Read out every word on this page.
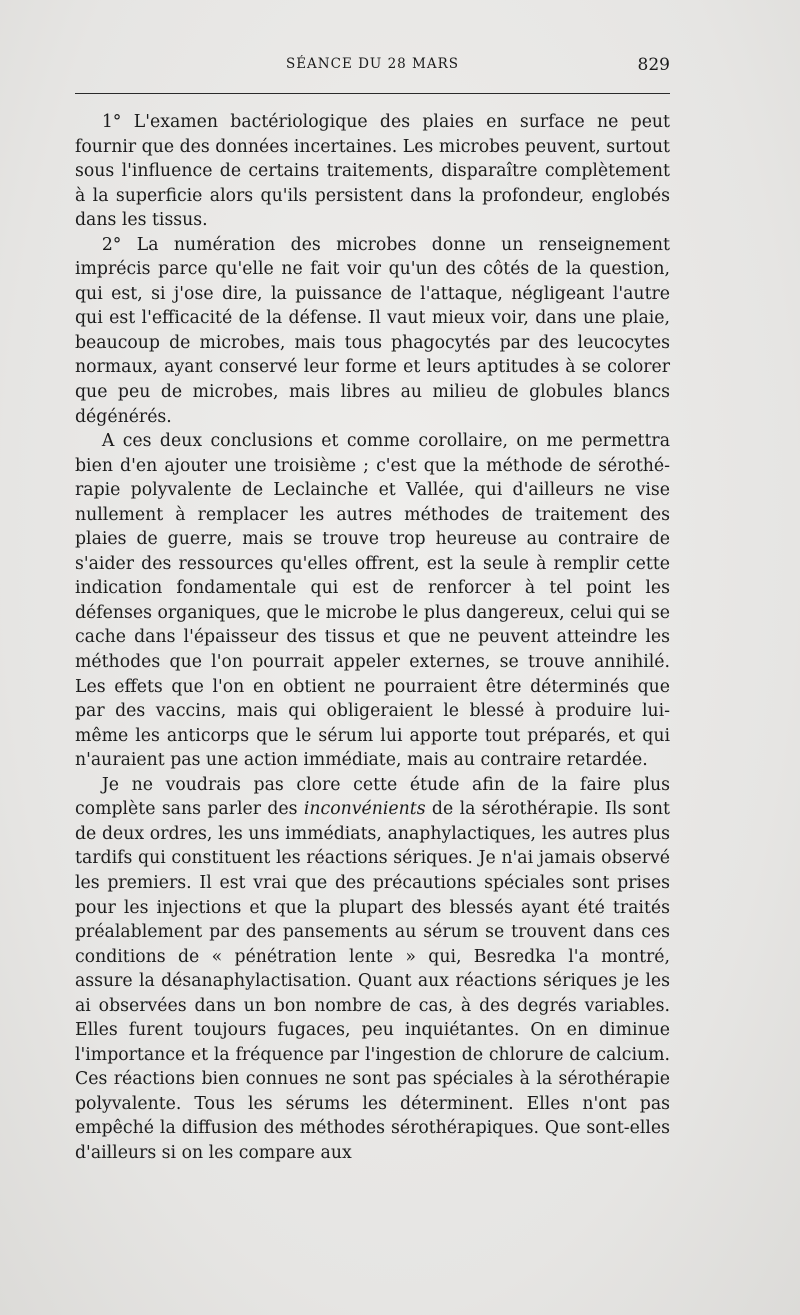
SÉANCE DU 28 MARS	829

1° L'examen bactériologique des plaies en surface ne peut fournir que des données incertaines. Les microbes peuvent, surtout sous l'influence de certains traitements, disparaître complètement à la superficie alors qu'ils persistent dans la profondeur, englobés dans les tissus.

2° La numération des microbes donne un renseignement imprécis parce qu'elle ne fait voir qu'un des côtés de la question, qui est, si j'ose dire, la puissance de l'attaque, négligeant l'autre qui est l'efficacité de la défense. Il vaut mieux voir, dans une plaie, beaucoup de microbes, mais tous phagocytés par des leucocytes normaux, ayant conservé leur forme et leurs aptitudes à se colorer que peu de microbes, mais libres au milieu de globules blancs dégénérés.

A ces deux conclusions et comme corollaire, on me permettra bien d'en ajouter une troisième ; c'est que la méthode de sérothérapie polyvalente de Leclainche et Vallée, qui d'ailleurs ne vise nullement à remplacer les autres méthodes de traitement des plaies de guerre, mais se trouve trop heureuse au contraire de s'aider des ressources qu'elles offrent, est la seule à remplir cette indication fondamentale qui est de renforcer à tel point les défenses organiques, que le microbe le plus dangereux, celui qui se cache dans l'épaisseur des tissus et que ne peuvent atteindre les méthodes que l'on pourrait appeler externes, se trouve annihilé. Les effets que l'on en obtient ne pourraient être déterminés que par des vaccins, mais qui obligeraient le blessé à produire lui-même les anticorps que le sérum lui apporte tout préparés, et qui n'auraient pas une action immédiate, mais au contraire retardée.

Je ne voudrais pas clore cette étude afin de la faire plus complète sans parler des inconvénients de la sérothérapie. Ils sont de deux ordres, les uns immédiats, anaphylactiques, les autres plus tardifs qui constituent les réactions sériques. Je n'ai jamais observé les premiers. Il est vrai que des précautions spéciales sont prises pour les injections et que la plupart des blessés ayant été traités préalablement par des pansements au sérum se trouvent dans ces conditions de « pénétration lente » qui, Besredka l'a montré, assure la désanaphylactisation. Quant aux réactions sériques je les ai observées dans un bon nombre de cas, à des degrés variables. Elles furent toujours fugaces, peu inquiétantes. On en diminue l'importance et la fréquence par l'ingestion de chlorure de calcium. Ces réactions bien connues ne sont pas spéciales à la sérothérapie polyvalente. Tous les sérums les déterminent. Elles n'ont pas empêché la diffusion des méthodes sérothérapiques. Que sont-elles d'ailleurs si on les compare aux
